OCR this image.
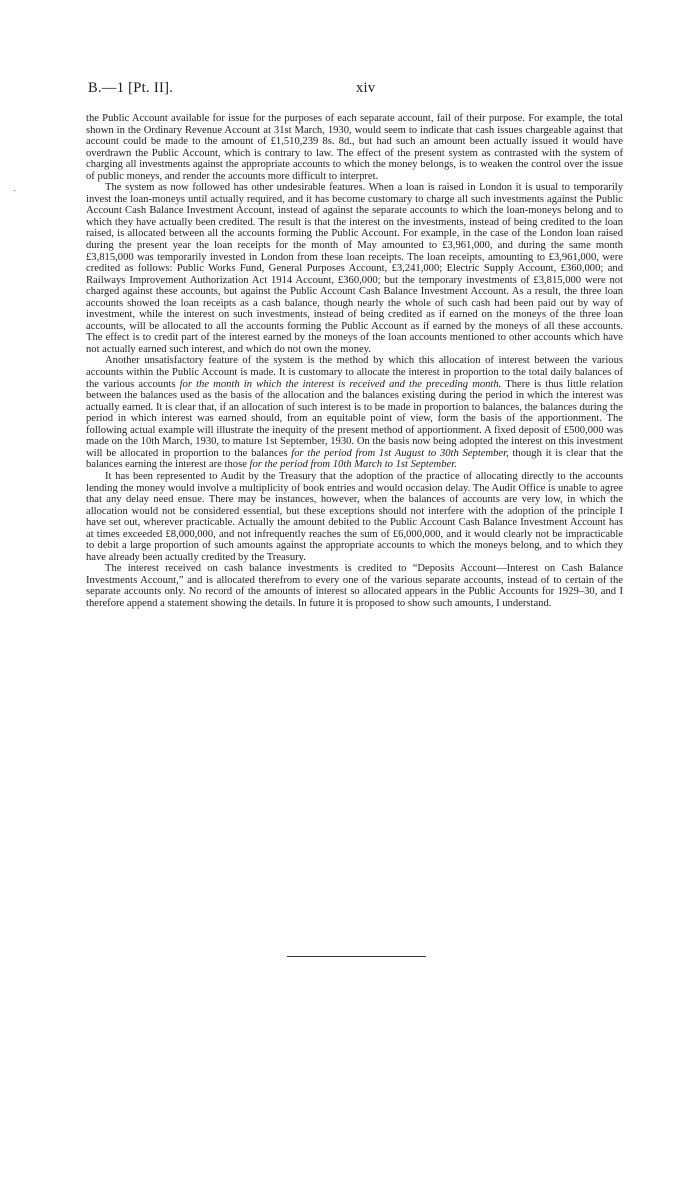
B.—1 [Pt. II].	xiv
ˏ

the Public Account available for issue for the purposes of each separate account, fail of their purpose. For example, the total shown in the Ordinary Revenue Account at 31st March, 1930, would seem to indicate that cash issues chargeable against that account could be made to the amount of £1,510,239 8s. 8d., but had such an amount been actually issued it would have overdrawn the Public Account, which is contrary to law. The effect of the present system as contrasted with the system of charging all investments against the appropriate accounts to which the money belongs, is to weaken the control over the issue of public moneys, and render the accounts more difficult to interpret.

The system as now followed has other undesirable features. When a loan is raised in London it is usual to temporarily invest the loan-moneys until actually required, and it has become customary to charge all such investments against the Public Account Cash Balance Investment Account, instead of against the separate accounts to which the loan-moneys belong and to which they have actually been credited. The result is that the interest on the investments, instead of being credited to the loan raised, is allocated between all the accounts forming the Public Account. For example, in the case of the London loan raised during the present year the loan receipts for the month of May amounted to £3,961,000, and during the same month £3,815,000 was temporarily invested in London from these loan receipts. The loan receipts, amounting to £3,961,000, were credited as follows: Public Works Fund, General Purposes Account, £3,241,000; Electric Supply Account, £360,000; and Railways Improvement Authorization Act 1914 Account, £360,000; but the temporary investments of £3,815,000 were not charged against these accounts, but against the Public Account Cash Balance Investment Account. As a result, the three loan accounts showed the loan receipts as a cash balance, though nearly the whole of such cash had been paid out by way of investment, while the interest on such investments, instead of being credited as if earned on the moneys of the three loan accounts, will be allocated to all the accounts forming the Public Account as if earned by the moneys of all these accounts. The effect is to credit part of the interest earned by the moneys of the loan accounts mentioned to other accounts which have not actually earned such interest, and which do not own the money.

Another unsatisfactory feature of the system is the method by which this allocation of interest between the various accounts within the Public Account is made. It is customary to allocate the interest in proportion to the total daily balances of the various accounts for the month in which the interest is received and the preceding month. There is thus little relation between the balances used as the basis of the allocation and the balances existing during the period in which the interest was actually earned. It is clear that, if an allocation of such interest is to be made in proportion to balances, the balances during the period in which interest was earned should, from an equitable point of view, form the basis of the apportionment. The following actual example will illustrate the inequity of the present method of apportionment. A fixed deposit of £500,000 was made on the 10th March, 1930, to mature 1st September, 1930. On the basis now being adopted the interest on this investment will be allocated in proportion to the balances for the period from 1st August to 30th September, though it is clear that the balances earning the interest are those for the period from 10th March to 1st September.

It has been represented to Audit by the Treasury that the adoption of the practice of allocating directly to the accounts lending the money would involve a multiplicity of book entries and would occasion delay. The Audit Office is unable to agree that any delay need ensue. There may be instances, however, when the balances of accounts are very low, in which the allocation would not be considered essential, but these exceptions should not interfere with the adoption of the principle I have set out, wherever practicable. Actually the amount debited to the Public Account Cash Balance Investment Account has at times exceeded £8,000,000, and not infrequently reaches the sum of £6,000,000, and it would clearly not be impracticable to debit a large proportion of such amounts against the appropriate accounts to which the moneys belong, and to which they have already been actually credited by the Treasury.

The interest received on cash balance investments is credited to “Deposits Account—Interest on Cash Balance Investments Account,” and is allocated therefrom to every one of the various separate accounts, instead of to certain of the separate accounts only. No record of the amounts of interest so allocated appears in the Public Accounts for 1929–30, and I therefore append a statement showing the details. In future it is proposed to show such amounts, I understand.
